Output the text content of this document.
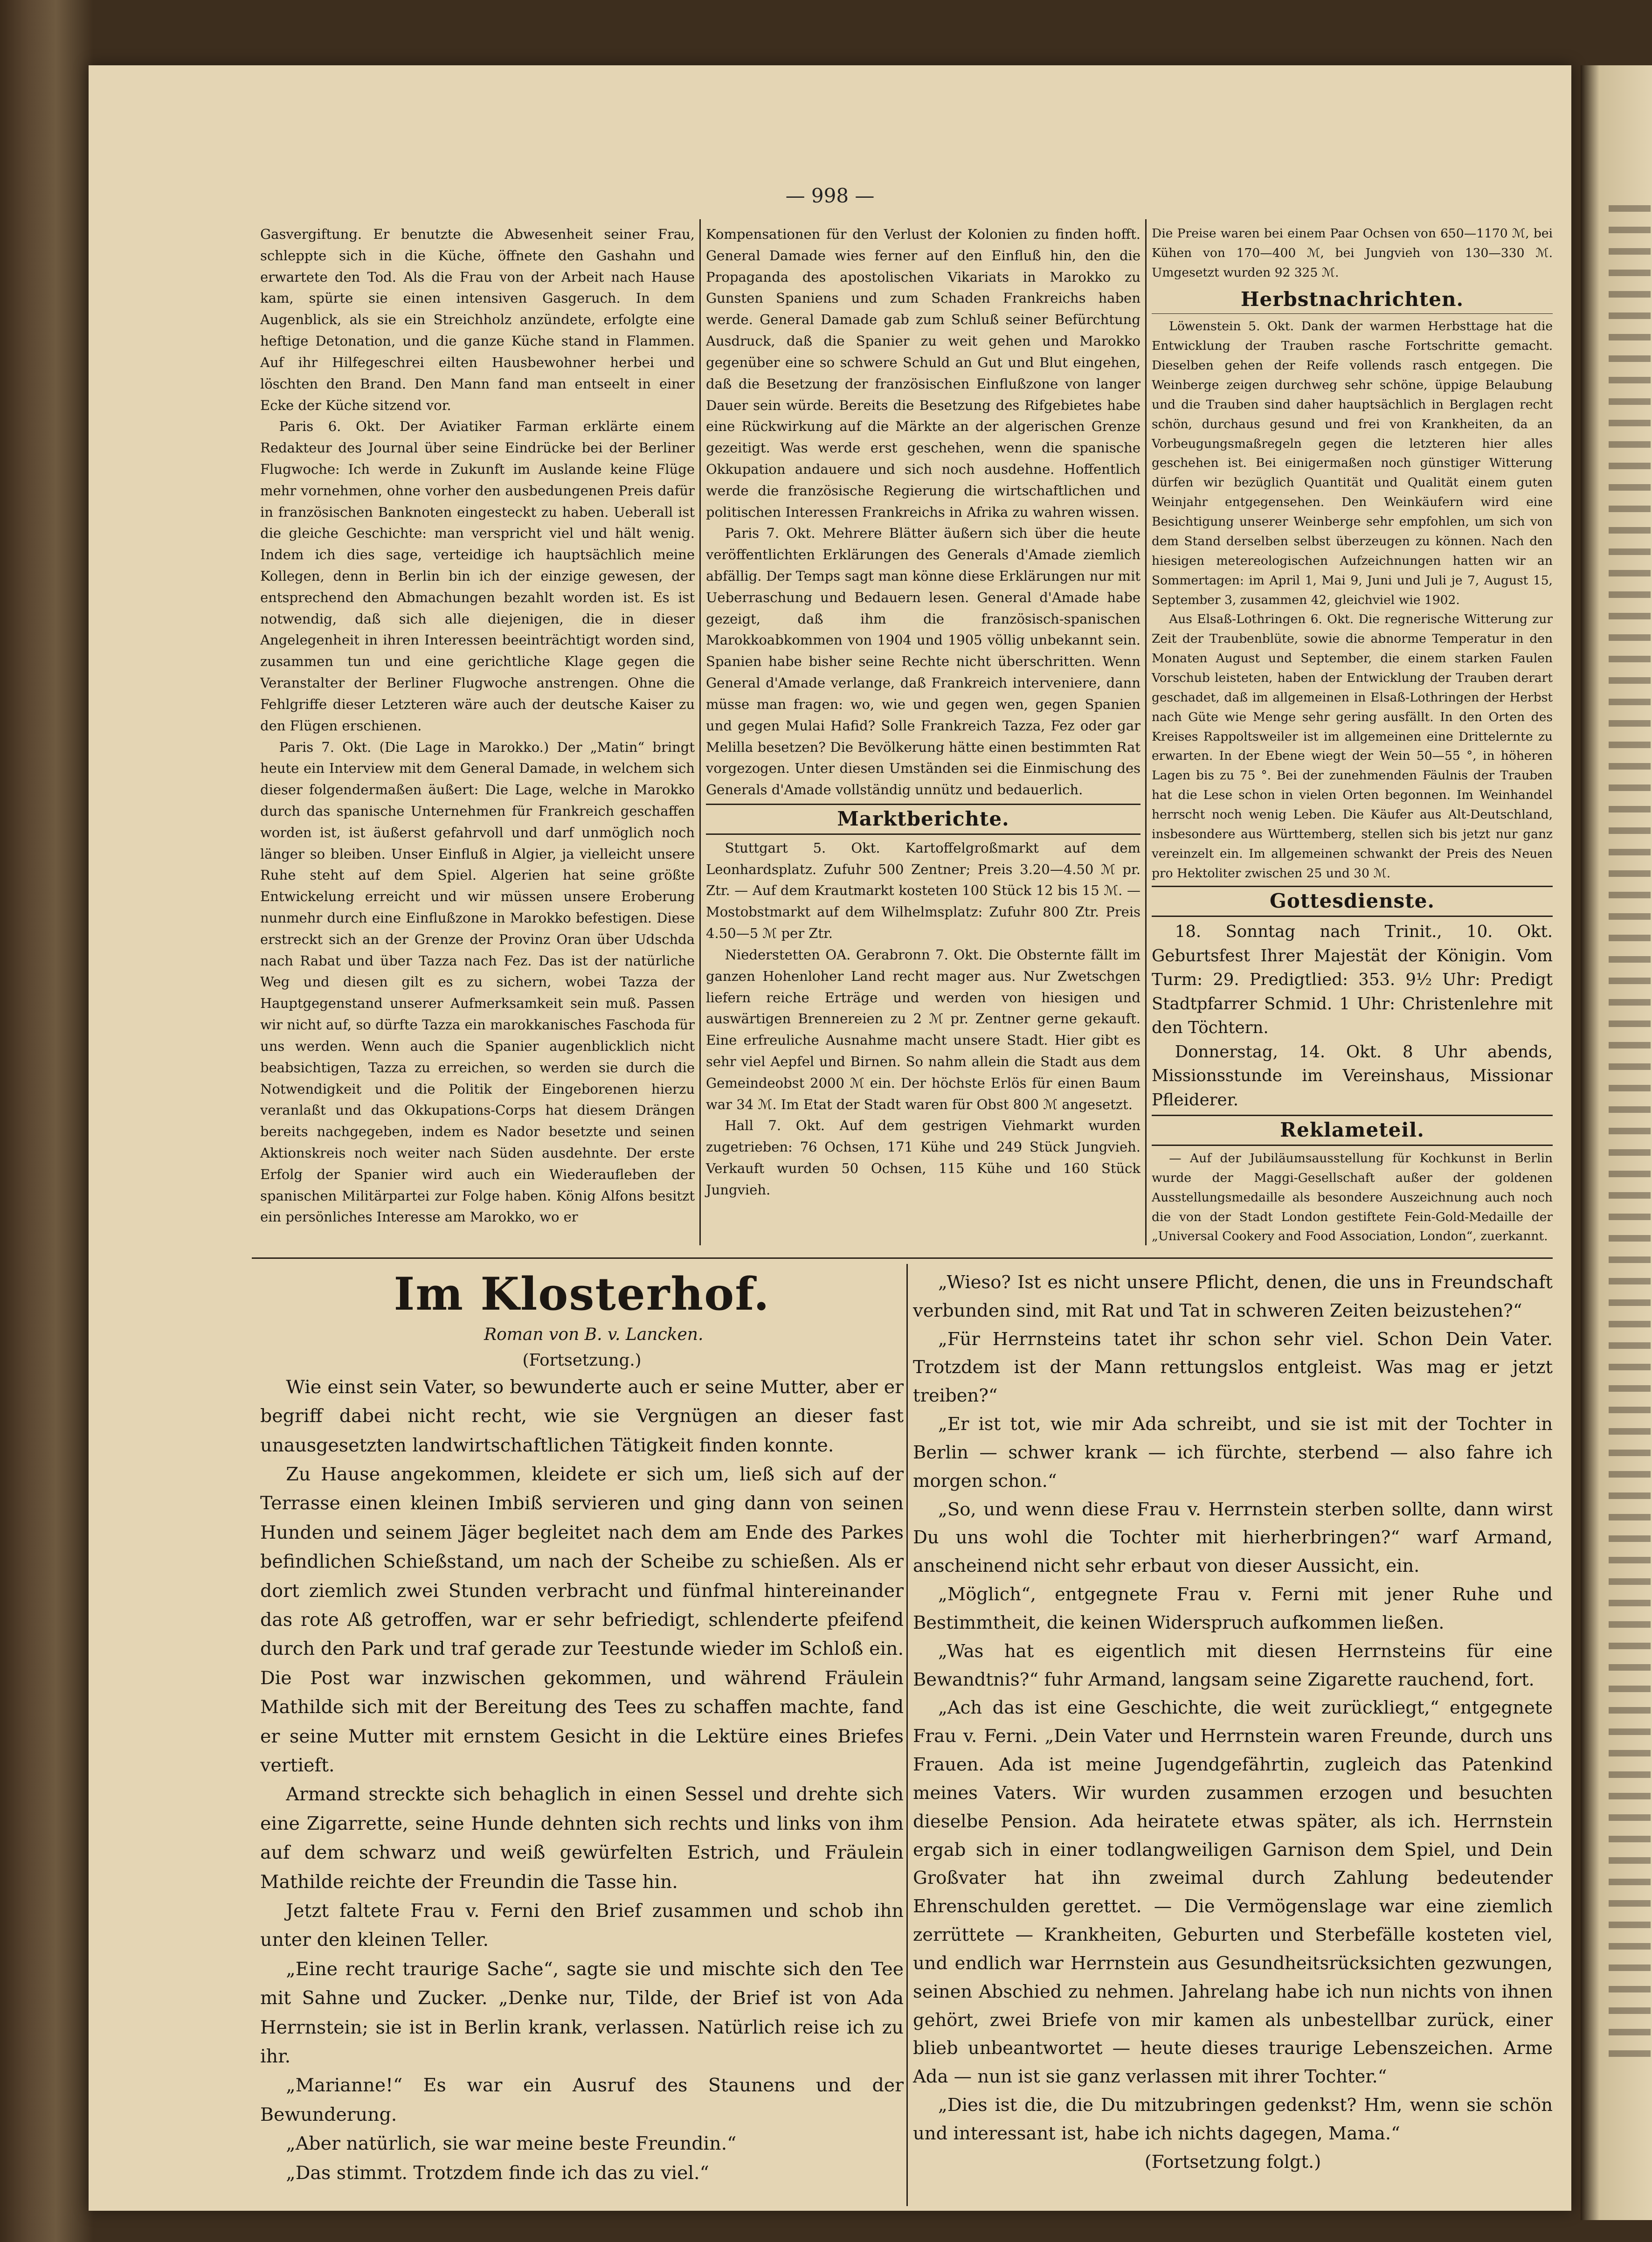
— 998 —

Gasvergiftung. Er benutzte die Abwesenheit seiner Frau, schleppte sich in die Küche, öffnete den Gashahn und erwartete den Tod. Als die Frau von der Arbeit nach Hause kam, spürte sie einen intensiven Gasgeruch. In dem Augenblick, als sie ein Streichholz anzündete, erfolgte eine heftige Detonation, und die ganze Küche stand in Flammen. Auf ihr Hilfegeschrei eilten Hausbewohner herbei und löschten den Brand. Den Mann fand man entseelt in einer Ecke der Küche sitzend vor.

Paris 6. Okt. Der Aviatiker Farman erklärte einem Redakteur des Journal über seine Eindrücke bei der Berliner Flugwoche: Ich werde in Zukunft im Auslande keine Flüge mehr vornehmen, ohne vorher den ausbedungenen Preis dafür in französischen Banknoten eingesteckt zu haben. Ueberall ist die gleiche Geschichte: man verspricht viel und hält wenig. Indem ich dies sage, verteidige ich hauptsächlich meine Kollegen, denn in Berlin bin ich der einzige gewesen, der entsprechend den Abmachungen bezahlt worden ist. Es ist notwendig, daß sich alle diejenigen, die in dieser Angelegenheit in ihren Interessen beeinträchtigt worden sind, zusammen tun und eine gerichtliche Klage gegen die Veranstalter der Berliner Flugwoche anstrengen. Ohne die Fehlgriffe dieser Letzteren wäre auch der deutsche Kaiser zu den Flügen erschienen.

Paris 7. Okt. (Die Lage in Marokko.) Der „Matin“ bringt heute ein Interview mit dem General Damade, in welchem sich dieser folgendermaßen äußert: Die Lage, welche in Marokko durch das spanische Unternehmen für Frankreich geschaffen worden ist, ist äußerst gefahrvoll und darf unmöglich noch länger so bleiben. Unser Einfluß in Algier, ja vielleicht unsere Ruhe steht auf dem Spiel. Algerien hat seine größte Entwickelung erreicht und wir müssen unsere Eroberung nunmehr durch eine Einflußzone in Marokko befestigen. Diese erstreckt sich an der Grenze der Provinz Oran über Udschda nach Rabat und über Tazza nach Fez. Das ist der natürliche Weg und diesen gilt es zu sichern, wobei Tazza der Hauptgegenstand unserer Aufmerksamkeit sein muß. Passen wir nicht auf, so dürfte Tazza ein marokkanisches Faschoda für uns werden. Wenn auch die Spanier augenblicklich nicht beabsichtigen, Tazza zu erreichen, so werden sie durch die Notwendigkeit und die Politik der Eingeborenen hierzu veranlaßt und das Okkupations-Corps hat diesem Drängen bereits nachgegeben, indem es Nador besetzte und seinen Aktionskreis noch weiter nach Süden ausdehnte. Der erste Erfolg der Spanier wird auch ein Wiederaufleben der spanischen Militärpartei zur Folge haben. König Alfons besitzt ein persönliches Interesse am Marokko, wo er

Kompensationen für den Verlust der Kolonien zu finden hofft. General Damade wies ferner auf den Einfluß hin, den die Propaganda des apostolischen Vikariats in Marokko zu Gunsten Spaniens und zum Schaden Frankreichs haben werde. General Damade gab zum Schluß seiner Befürchtung Ausdruck, daß die Spanier zu weit gehen und Marokko gegenüber eine so schwere Schuld an Gut und Blut eingehen, daß die Besetzung der französischen Einflußzone von langer Dauer sein würde. Bereits die Besetzung des Rifgebietes habe eine Rückwirkung auf die Märkte an der algerischen Grenze gezeitigt. Was werde erst geschehen, wenn die spanische Okkupation andauere und sich noch ausdehne. Hoffentlich werde die französische Regierung die wirtschaftlichen und politischen Interessen Frankreichs in Afrika zu wahren wissen.

Paris 7. Okt. Mehrere Blätter äußern sich über die heute veröffentlichten Erklärungen des Generals d'Amade ziemlich abfällig. Der Temps sagt man könne diese Erklärungen nur mit Ueberraschung und Bedauern lesen. General d'Amade habe gezeigt, daß ihm die französisch-spanischen Marokkoabkommen von 1904 und 1905 völlig unbekannt sein. Spanien habe bisher seine Rechte nicht überschritten. Wenn General d'Amade verlange, daß Frankreich interveniere, dann müsse man fragen: wo, wie und gegen wen, gegen Spanien und gegen Mulai Hafid? Solle Frankreich Tazza, Fez oder gar Melilla besetzen? Die Bevölkerung hätte einen bestimmten Rat vorgezogen. Unter diesen Umständen sei die Einmischung des Generals d'Amade vollständig unnütz und bedauerlich.

Marktberichte.

Stuttgart 5. Okt. Kartoffelgroßmarkt auf dem Leonhardsplatz. Zufuhr 500 Zentner; Preis 3.20—4.50 ℳ pr. Ztr. — Auf dem Krautmarkt kosteten 100 Stück 12 bis 15 ℳ. — Mostobstmarkt auf dem Wilhelmsplatz: Zufuhr 800 Ztr. Preis 4.50—5 ℳ per Ztr.

Niederstetten OA. Gerabronn 7. Okt. Die Obsternte fällt im ganzen Hohenloher Land recht mager aus. Nur Zwetschgen liefern reiche Erträge und werden von hiesigen und auswärtigen Brennereien zu 2 ℳ pr. Zentner gerne gekauft. Eine erfreuliche Ausnahme macht unsere Stadt. Hier gibt es sehr viel Aepfel und Birnen. So nahm allein die Stadt aus dem Gemeindeobst 2000 ℳ ein. Der höchste Erlös für einen Baum war 34 ℳ. Im Etat der Stadt waren für Obst 800 ℳ angesetzt.

Hall 7. Okt. Auf dem gestrigen Viehmarkt wurden zugetrieben: 76 Ochsen, 171 Kühe und 249 Stück Jungvieh. Verkauft wurden 50 Ochsen, 115 Kühe und 160 Stück Jungvieh.

Die Preise waren bei einem Paar Ochsen von 650—1170 ℳ, bei Kühen von 170—400 ℳ, bei Jungvieh von 130—330 ℳ. Umgesetzt wurden 92 325 ℳ.

Herbstnachrichten.

Löwenstein 5. Okt. Dank der warmen Herbsttage hat die Entwicklung der Trauben rasche Fortschritte gemacht. Dieselben gehen der Reife vollends rasch entgegen. Die Weinberge zeigen durchweg sehr schöne, üppige Belaubung und die Trauben sind daher hauptsächlich in Berglagen recht schön, durchaus gesund und frei von Krankheiten, da an Vorbeugungsmaßregeln gegen die letzteren hier alles geschehen ist. Bei einigermaßen noch günstiger Witterung dürfen wir bezüglich Quantität und Qualität einem guten Weinjahr entgegensehen. Den Weinkäufern wird eine Besichtigung unserer Weinberge sehr empfohlen, um sich von dem Stand derselben selbst überzeugen zu können. Nach den hiesigen metereologischen Aufzeichnungen hatten wir an Sommertagen: im April 1, Mai 9, Juni und Juli je 7, August 15, September 3, zusammen 42, gleichviel wie 1902.

Aus Elsaß-Lothringen 6. Okt. Die regnerische Witterung zur Zeit der Traubenblüte, sowie die abnorme Temperatur in den Monaten August und September, die einem starken Faulen Vorschub leisteten, haben der Entwicklung der Trauben derart geschadet, daß im allgemeinen in Elsaß-Lothringen der Herbst nach Güte wie Menge sehr gering ausfällt. In den Orten des Kreises Rappoltsweiler ist im allgemeinen eine Drittelernte zu erwarten. In der Ebene wiegt der Wein 50—55 °, in höheren Lagen bis zu 75 °. Bei der zunehmenden Fäulnis der Trauben hat die Lese schon in vielen Orten begonnen. Im Weinhandel herrscht noch wenig Leben. Die Käufer aus Alt-Deutschland, insbesondere aus Württemberg, stellen sich bis jetzt nur ganz vereinzelt ein. Im allgemeinen schwankt der Preis des Neuen pro Hektoliter zwischen 25 und 30 ℳ.

Gottesdienste.

18. Sonntag nach Trinit., 10. Okt. Geburtsfest Ihrer Majestät der Königin. Vom Turm: 29. Predigtlied: 353. 9½ Uhr: Predigt Stadtpfarrer Schmid. 1 Uhr: Christenlehre mit den Töchtern.

Donnerstag, 14. Okt. 8 Uhr abends, Missionsstunde im Vereinshaus, Missionar Pfleiderer.

Reklameteil.

— Auf der Jubiläumsausstellung für Kochkunst in Berlin wurde der Maggi-Gesellschaft außer der goldenen Ausstellungsmedaille als besondere Auszeichnung auch noch die von der Stadt London gestiftete Fein-Gold-Medaille der „Universal Cookery and Food Association, London“, zuerkannt.

Im Klosterhof.

Roman von B. v. Lancken.

(Fortsetzung.)

Wie einst sein Vater, so bewunderte auch er seine Mutter, aber er begriff dabei nicht recht, wie sie Vergnügen an dieser fast unausgesetzten landwirtschaftlichen Tätigkeit finden konnte.

Zu Hause angekommen, kleidete er sich um, ließ sich auf der Terrasse einen kleinen Imbiß servieren und ging dann von seinen Hunden und seinem Jäger begleitet nach dem am Ende des Parkes befindlichen Schießstand, um nach der Scheibe zu schießen. Als er dort ziemlich zwei Stunden verbracht und fünfmal hintereinander das rote Aß getroffen, war er sehr befriedigt, schlenderte pfeifend durch den Park und traf gerade zur Teestunde wieder im Schloß ein. Die Post war inzwischen gekommen, und während Fräulein Mathilde sich mit der Bereitung des Tees zu schaffen machte, fand er seine Mutter mit ernstem Gesicht in die Lektüre eines Briefes vertieft.

Armand streckte sich behaglich in einen Sessel und drehte sich eine Zigarrette, seine Hunde dehnten sich rechts und links von ihm auf dem schwarz und weiß gewürfelten Estrich, und Fräulein Mathilde reichte der Freundin die Tasse hin.

Jetzt faltete Frau v. Ferni den Brief zusammen und schob ihn unter den kleinen Teller.

„Eine recht traurige Sache“, sagte sie und mischte sich den Tee mit Sahne und Zucker. „Denke nur, Tilde, der Brief ist von Ada Herrnstein; sie ist in Berlin krank, verlassen. Natürlich reise ich zu ihr.

„Marianne!“ Es war ein Ausruf des Staunens und der Bewunderung.

„Aber natürlich, sie war meine beste Freundin.“

„Das stimmt. Trotzdem finde ich das zu viel.“

„Wieso? Ist es nicht unsere Pflicht, denen, die uns in Freundschaft verbunden sind, mit Rat und Tat in schweren Zeiten beizustehen?“

„Für Herrnsteins tatet ihr schon sehr viel. Schon Dein Vater. Trotzdem ist der Mann rettungslos entgleist. Was mag er jetzt treiben?“

„Er ist tot, wie mir Ada schreibt, und sie ist mit der Tochter in Berlin — schwer krank — ich fürchte, sterbend — also fahre ich morgen schon.“

„So, und wenn diese Frau v. Herrnstein sterben sollte, dann wirst Du uns wohl die Tochter mit hierherbringen?“ warf Armand, anscheinend nicht sehr erbaut von dieser Aussicht, ein.

„Möglich“, entgegnete Frau v. Ferni mit jener Ruhe und Bestimmtheit, die keinen Widerspruch aufkommen ließen.

„Was hat es eigentlich mit diesen Herrnsteins für eine Bewandtnis?“ fuhr Armand, langsam seine Zigarette rauchend, fort.

„Ach das ist eine Geschichte, die weit zurückliegt,“ entgegnete Frau v. Ferni. „Dein Vater und Herrnstein waren Freunde, durch uns Frauen. Ada ist meine Jugendgefährtin, zugleich das Patenkind meines Vaters. Wir wurden zusammen erzogen und besuchten dieselbe Pension. Ada heiratete etwas später, als ich. Herrnstein ergab sich in einer todlangweiligen Garnison dem Spiel, und Dein Großvater hat ihn zweimal durch Zahlung bedeutender Ehrenschulden gerettet. — Die Vermögenslage war eine ziemlich zerrüttete — Krankheiten, Geburten und Sterbefälle kosteten viel, und endlich war Herrnstein aus Gesundheitsrücksichten gezwungen, seinen Abschied zu nehmen. Jahrelang habe ich nun nichts von ihnen gehört, zwei Briefe von mir kamen als unbestellbar zurück, einer blieb unbeantwortet — heute dieses traurige Lebenszeichen. Arme Ada — nun ist sie ganz verlassen mit ihrer Tochter.“

„Dies ist die, die Du mitzubringen gedenkst? Hm, wenn sie schön und interessant ist, habe ich nichts dagegen, Mama.“

(Fortsetzung folgt.)
